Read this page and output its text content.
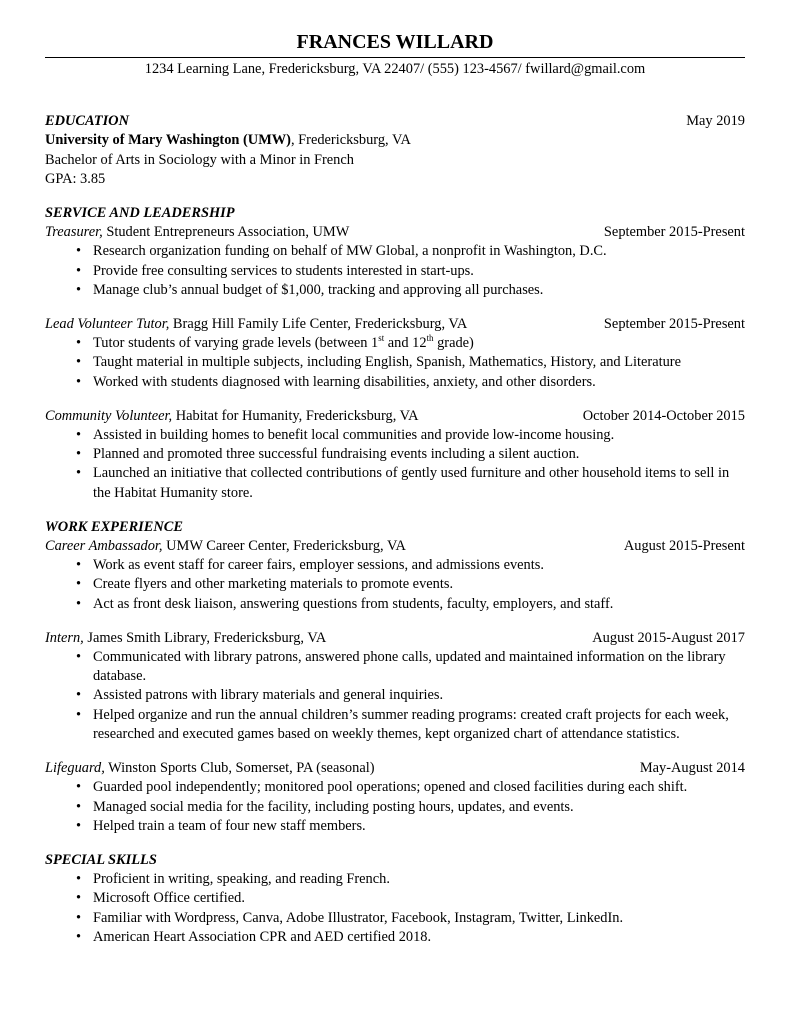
FRANCES WILLARD
1234 Learning Lane, Fredericksburg, VA 22407/ (555) 123-4567/ fwillard@gmail.com
EDUCATION	May 2019
University of Mary Washington (UMW), Fredericksburg, VA
Bachelor of Arts in Sociology with a Minor in French
GPA: 3.85
SERVICE AND LEADERSHIP
Treasurer, Student Entrepreneurs Association, UMW	September 2015-Present
• Research organization funding on behalf of MW Global, a nonprofit in Washington, D.C.
• Provide free consulting services to students interested in start-ups.
• Manage club’s annual budget of $1,000, tracking and approving all purchases.
Lead Volunteer Tutor, Bragg Hill Family Life Center, Fredericksburg, VA	September 2015-Present
• Tutor students of varying grade levels (between 1st and 12th grade)
• Taught material in multiple subjects, including English, Spanish, Mathematics, History, and Literature
• Worked with students diagnosed with learning disabilities, anxiety, and other disorders.
Community Volunteer, Habitat for Humanity, Fredericksburg, VA	October 2014-October 2015
• Assisted in building homes to benefit local communities and provide low-income housing.
• Planned and promoted three successful fundraising events including a silent auction.
• Launched an initiative that collected contributions of gently used furniture and other household items to sell in the Habitat Humanity store.
WORK EXPERIENCE
Career Ambassador, UMW Career Center, Fredericksburg, VA	August 2015-Present
• Work as event staff for career fairs, employer sessions, and admissions events.
• Create flyers and other marketing materials to promote events.
• Act as front desk liaison, answering questions from students, faculty, employers, and staff.
Intern, James Smith Library, Fredericksburg, VA	August 2015-August 2017
• Communicated with library patrons, answered phone calls, updated and maintained information on the library database.
• Assisted patrons with library materials and general inquiries.
• Helped organize and run the annual children’s summer reading programs: created craft projects for each week, researched and executed games based on weekly themes, kept organized chart of attendance statistics.
Lifeguard, Winston Sports Club, Somerset, PA (seasonal)	May-August 2014
• Guarded pool independently; monitored pool operations; opened and closed facilities during each shift.
• Managed social media for the facility, including posting hours, updates, and events.
• Helped train a team of four new staff members.
SPECIAL SKILLS
• Proficient in writing, speaking, and reading French.
• Microsoft Office certified.
• Familiar with Wordpress, Canva, Adobe Illustrator, Facebook, Instagram, Twitter, LinkedIn.
• American Heart Association CPR and AED certified 2018.
